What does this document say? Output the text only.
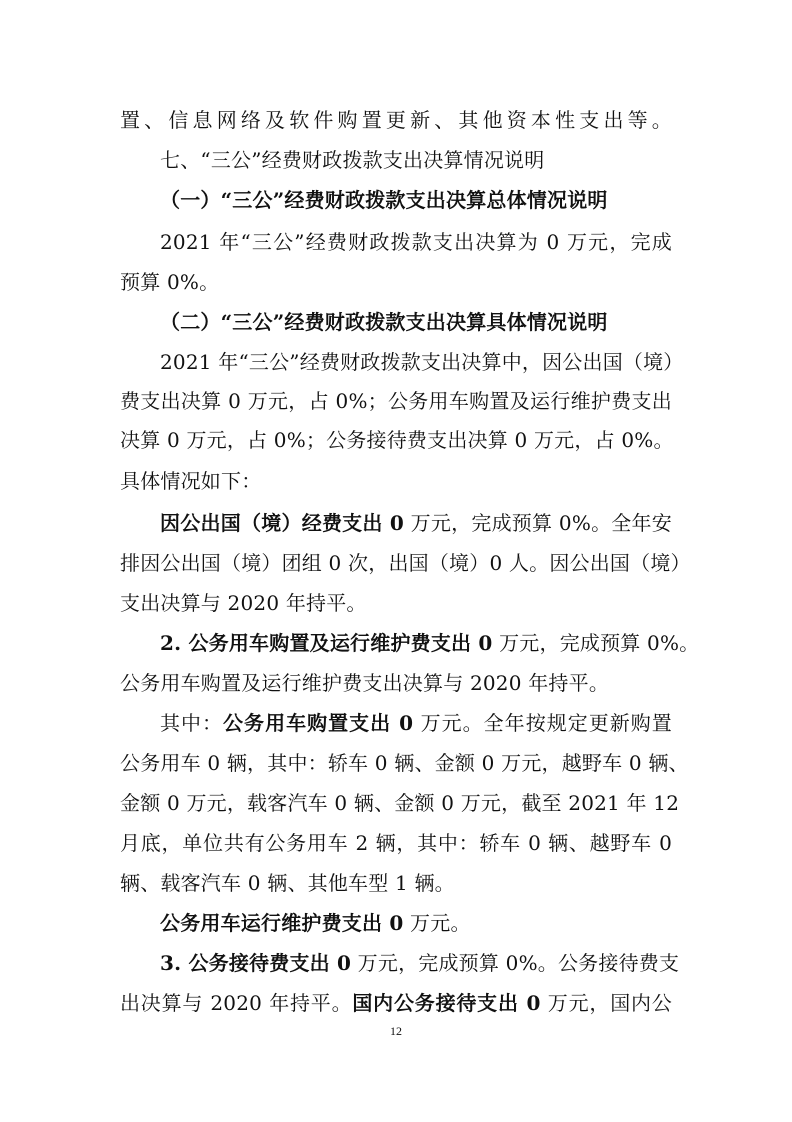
置、信息网络及软件购置更新、其他资本性支出等。
七、“三公”经费财政拨款支出决算情况说明
（一）“三公”经费财政拨款支出决算总体情况说明
2021 年“三公”经费财政拨款支出决算为 0 万元，完成
预算 0%。
（二）“三公”经费财政拨款支出决算具体情况说明
2021 年“三公”经费财政拨款支出决算中，因公出国（境）
费支出决算 0 万元，占 0%；公务用车购置及运行维护费支出
决算 0 万元，占 0%；公务接待费支出决算 0 万元，占 0%。
具体情况如下：
因公出国（境）经费支出 0 万元，完成预算 0%。全年安
排因公出国（境）团组 0 次，出国（境）0 人。因公出国（境）
支出决算与 2020 年持平。
2. 公务用车购置及运行维护费支出 0 万元，完成预算 0%。
公务用车购置及运行维护费支出决算与 2020 年持平。
其中：公务用车购置支出 0 万元。全年按规定更新购置
公务用车 0 辆，其中：轿车 0 辆、金额 0 万元，越野车 0 辆、
金额 0 万元，载客汽车 0 辆、金额 0 万元，截至 2021 年 12
月底，单位共有公务用车 2 辆，其中：轿车 0 辆、越野车 0
辆、载客汽车 0 辆、其他车型 1 辆。
公务用车运行维护费支出 0 万元。
3. 公务接待费支出 0 万元，完成预算 0%。公务接待费支
出决算与 2020 年持平。国内公务接待支出 0 万元，国内公
12
